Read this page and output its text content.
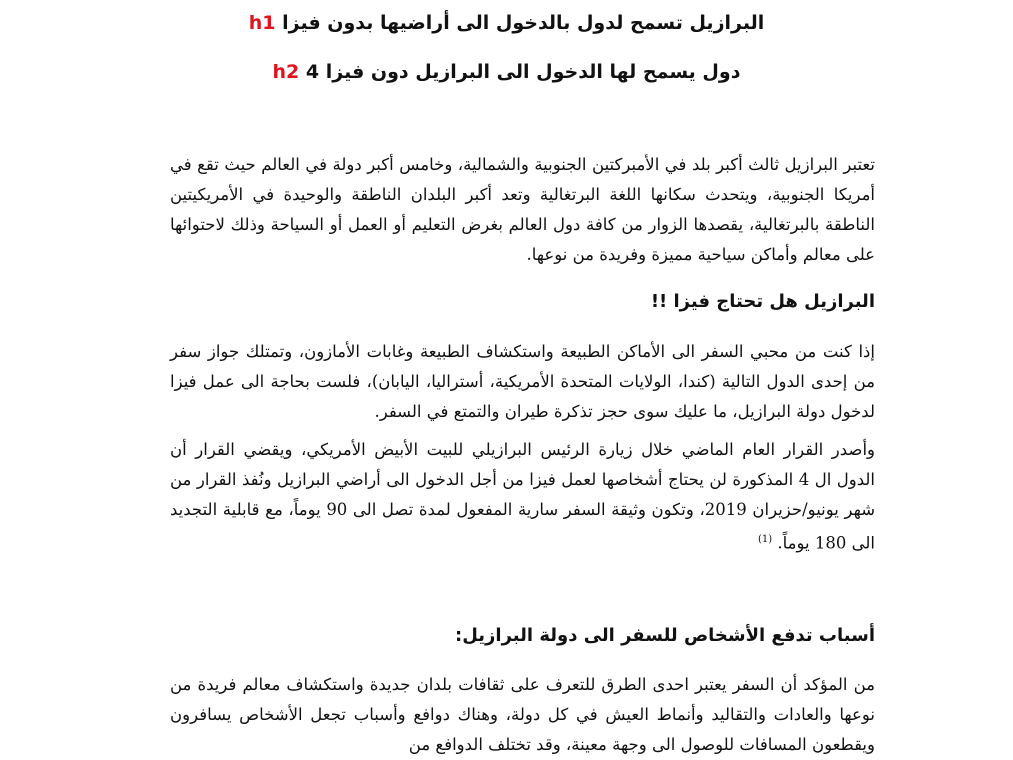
h1 البرازيل تسمح لدول بالدخول الى أراضيها بدون فيزا
h2 دول يسمح لها الدخول الى البرازيل دون فيزا 4

تعتبر البرازيل ثالث أكبر بلد في الأمبركتين الجنوبية والشمالية، وخامس أكبر دولة في العالم حيث تقع في أمريكا الجنوبية، ويتحدث سكانها اللغة البرتغالية وتعد أكبر البلدان الناطقة والوحيدة في الأمريكيتين الناطقة بالبرتغالية، يقصدها الزوار من كافة دول العالم بغرض التعليم أو العمل أو السياحة وذلك لاحتوائها على معالم وأماكن سياحية مميزة وفريدة من نوعها.

البرازيل هل تحتاج فيزا !!

إذا كنت من محبي السفر الى الأماكن الطبيعة واستكشاف الطبيعة وغابات الأمازون، وتمتلك جواز سفر من إحدى الدول التالية (كندا، الولايات المتحدة الأمريكية، أستراليا، اليابان)، فلست بحاجة الى عمل فيزا لدخول دولة البرازيل، ما عليك سوى حجز تذكرة طيران والتمتع في السفر.

وأصدر القرار العام الماضي خلال زيارة الرئيس البرازيلي للبيت الأبيض الأمريكي، ويقضي القرار أن الدول ال 4 المذكورة لن يحتاج أشخاصها لعمل فيزا من أجل الدخول الى أراضي البرازيل ونُفذ القرار من شهر يونيو/حزيران 2019، وتكون وثيقة السفر سارية المفعول لمدة تصل الى 90 يوماً، مع قابلية التجديد الى 180 يوماً. $^{(1)}$

أسباب تدفع الأشخاص للسفر الى دولة البرازيل:

من المؤكد أن السفر يعتبر احدى الطرق للتعرف على ثقافات بلدان جديدة واستكشاف معالم فريدة من نوعها والعادات والتقاليد وأنماط العيش في كل دولة، وهناك دوافع وأسباب تجعل الأشخاص يسافرون ويقطعون المسافات للوصول الى وجهة معينة، وقد تختلف الدوافع من
